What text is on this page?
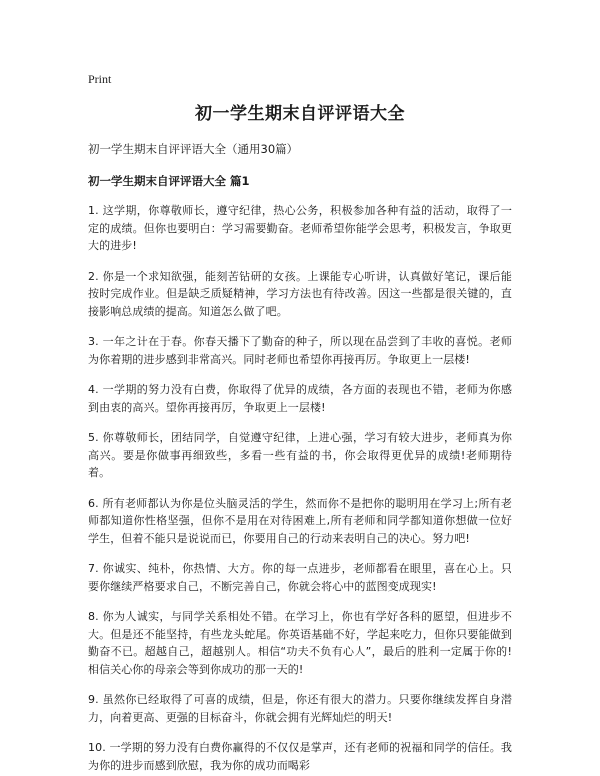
Print
初一学生期末自评评语大全
初一学生期末自评评语大全（通用30篇）
初一学生期末自评评语大全 篇1

1. 这学期，你尊敬师长，遵守纪律，热心公务，积极参加各种有益的活动，取得了一定的成绩。但你也要明白：学习需要勤奋。老师希望你能学会思考，积极发言，争取更大的进步!

2. 你是一个求知欲强，能刻苦钻研的女孩。上课能专心听讲，认真做好笔记，课后能按时完成作业。但是缺乏质疑精神，学习方法也有待改善。因这一些都是很关键的，直接影响总成绩的提高。知道怎么做了吧。

3. 一年之计在于春。你春天播下了勤奋的种子，所以现在品尝到了丰收的喜悦。老师为你着期的进步感到非常高兴。同时老师也希望你再接再厉。争取更上一层楼!

4. 一学期的努力没有白费，你取得了优异的成绩，各方面的表现也不错，老师为你感到由衷的高兴。望你再接再厉，争取更上一层楼!

5. 你尊敬师长，团结同学，自觉遵守纪律，上进心强，学习有较大进步，老师真为你高兴。要是你做事再细致些，多看一些有益的书，你会取得更优异的成绩!老师期待着。

6. 所有老师都认为你是位头脑灵活的学生，然而你不是把你的聪明用在学习上;所有老师都知道你性格坚强，但你不是用在对待困难上,所有老师和同学都知道你想做一位好学生，但着不能只是说说而已，你要用自己的行动来表明自己的决心。努力吧!

7. 你诚实、纯朴，你热情、大方。你的每一点进步，老师都看在眼里，喜在心上。只要你继续严格要求自己，不断完善自己，你就会将心中的蓝图变成现实!

8. 你为人诚实，与同学关系相处不错。在学习上，你也有学好各科的愿望，但进步不大。但是还不能坚持，有些龙头蛇尾。你英语基础不好，学起来吃力，但你只要能做到勤奋不已。超越自己，超越别人。相信“功夫不负有心人”，最后的胜利一定属于你的!相信关心你的母亲会等到你成功的那一天的!

9. 虽然你已经取得了可喜的成绩，但是，你还有很大的潜力。只要你继续发挥自身潜力，向着更高、更强的目标奋斗，你就会拥有光辉灿烂的明天!

10. 一学期的努力没有白费你赢得的不仅仅是掌声，还有老师的祝福和同学的信任。我为你的进步而感到欣慰，我为你的成功而喝彩
